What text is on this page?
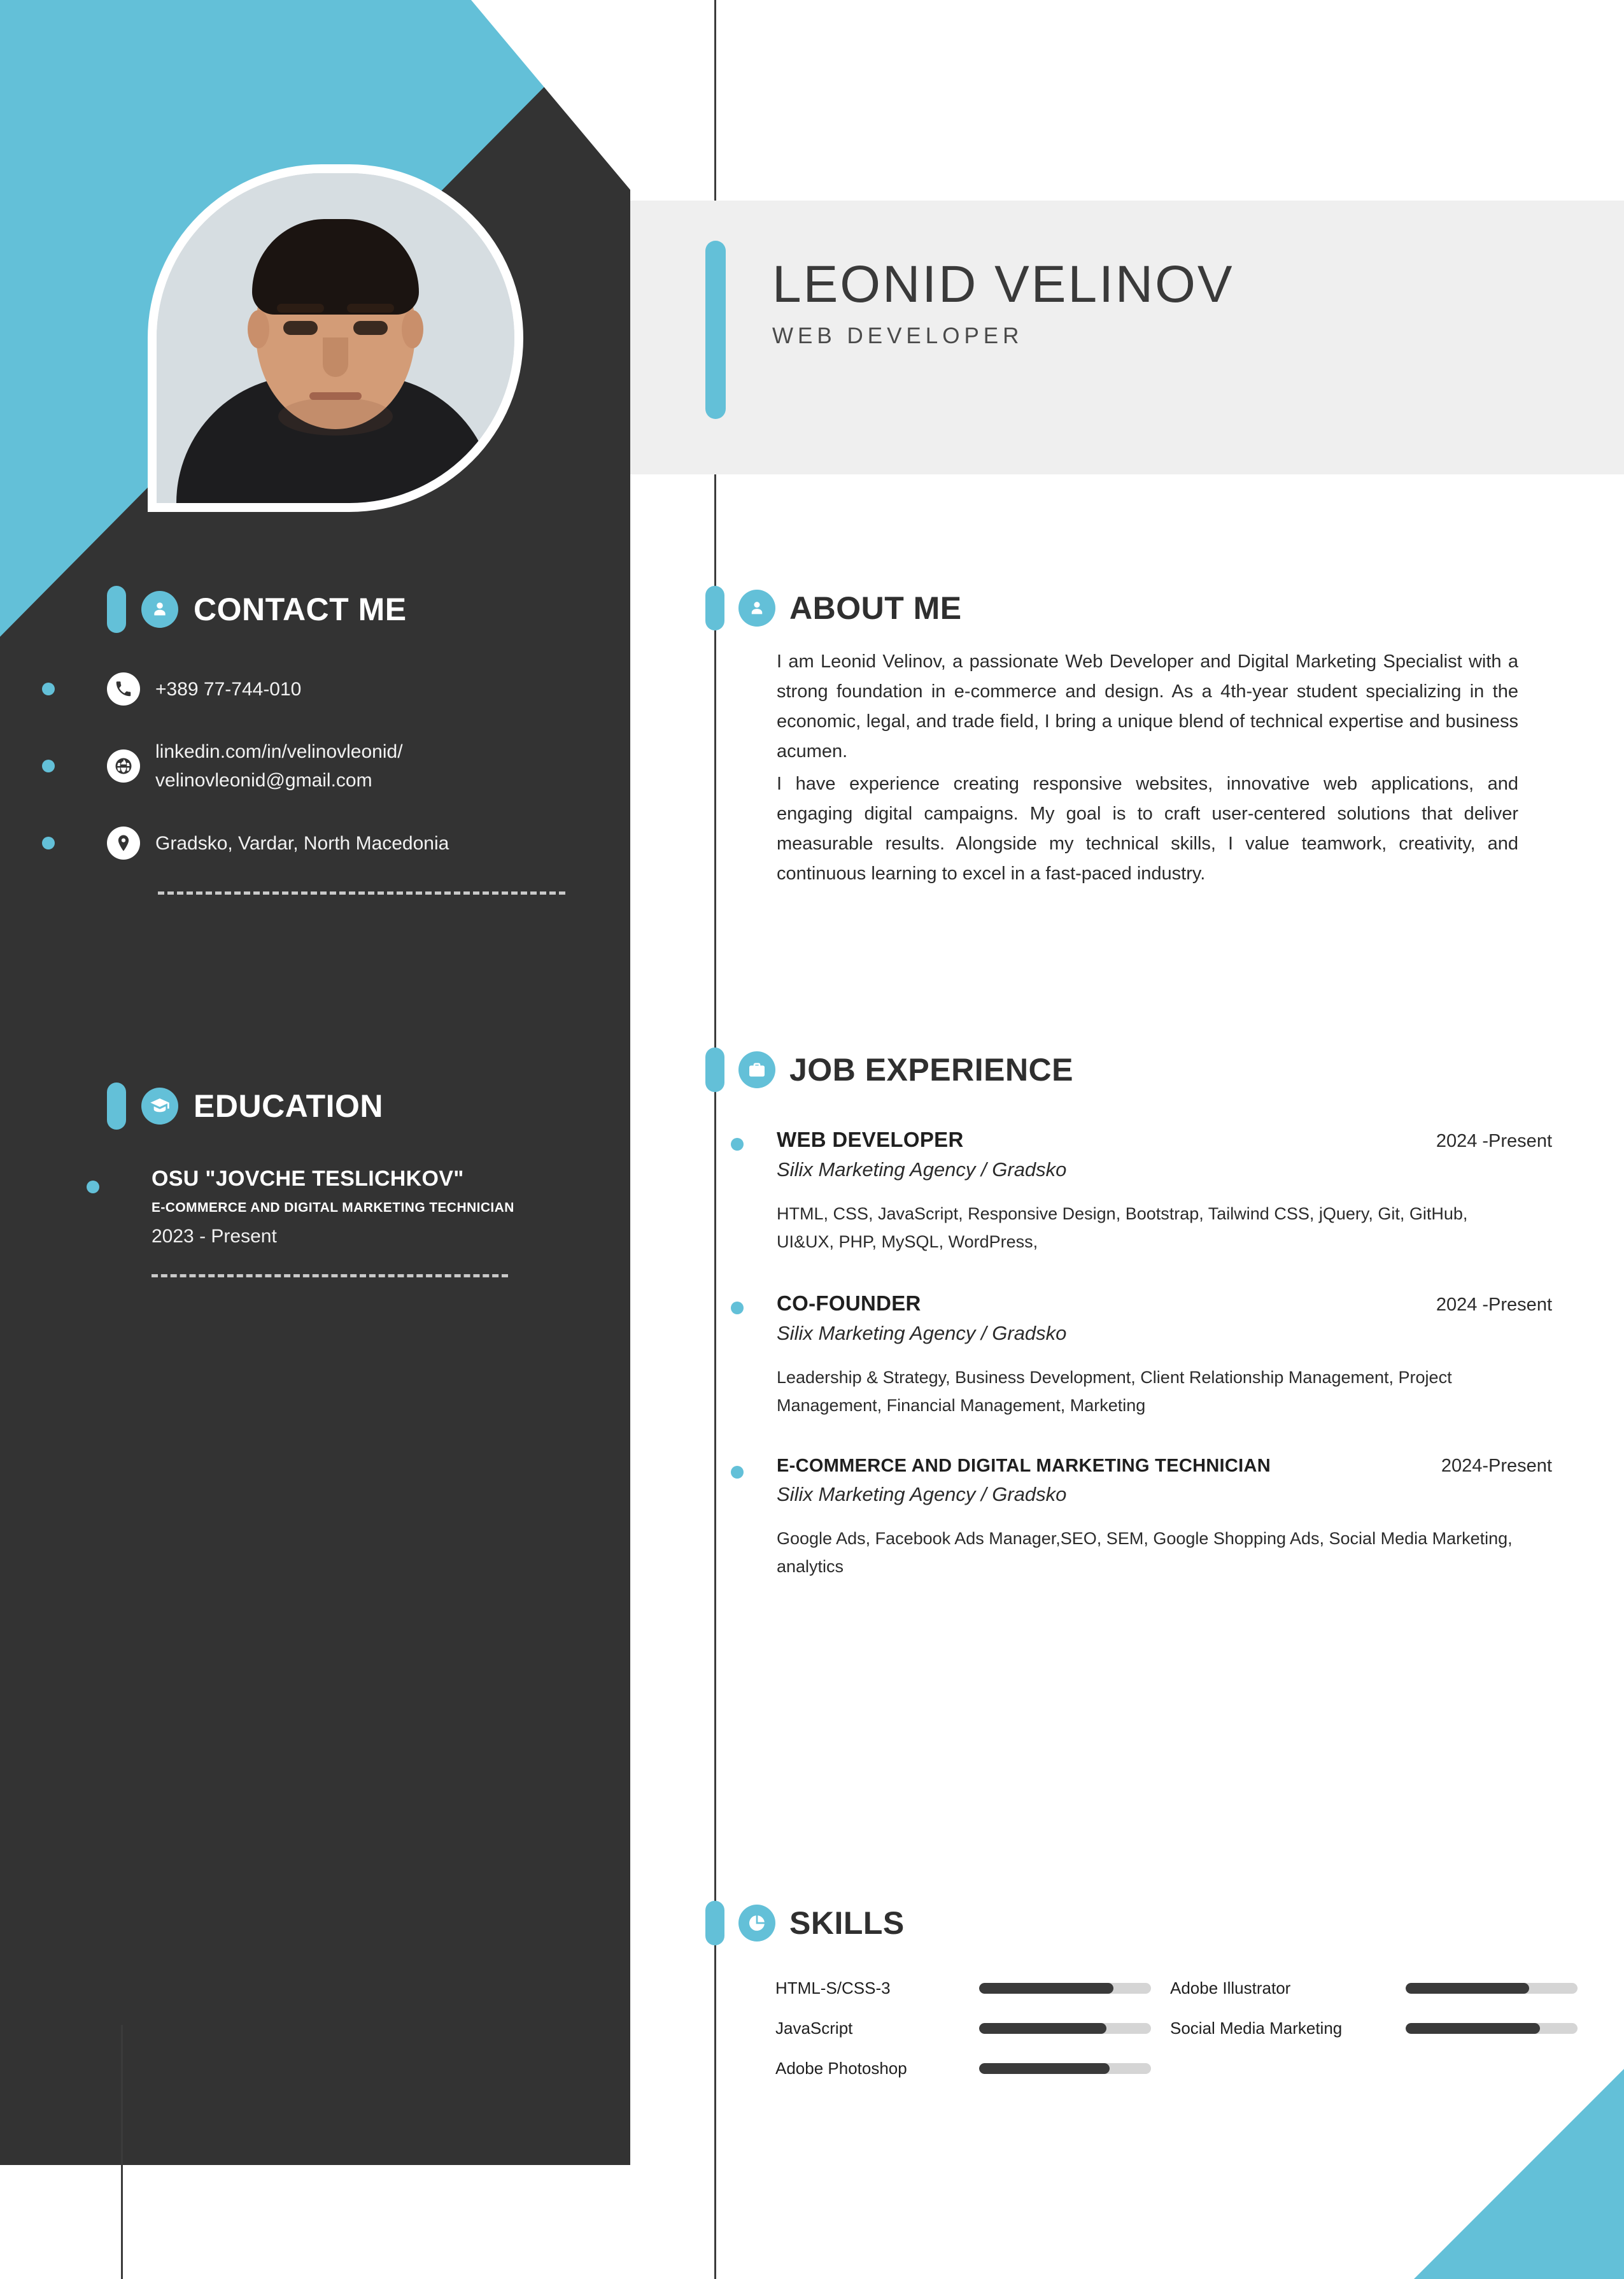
CONTACT ME
+389 77-744-010
linkedin.com/in/velinovleonid/
velinovleonid@gmail.com
Gradsko, Vardar, North Macedonia
EDUCATION
OSU "JOVCHE TESLICHKOV"
E-COMMERCE AND DIGITAL MARKETING TECHNICIAN
2023 - Present
LEONID VELINOV
WEB DEVELOPER
ABOUT ME

I am Leonid Velinov, a passionate Web Developer and Digital Marketing Specialist with a strong foundation in e-commerce and design. As a 4th-year student specializing in the economic, legal, and trade field, I bring a unique blend of technical expertise and business acumen.

I have experience creating responsive websites, innovative web applications, and engaging digital campaigns. My goal is to craft user-centered solutions that deliver measurable results. Alongside my technical skills, I value teamwork, creativity, and continuous learning to excel in a fast-paced industry.

JOB EXPERIENCE
WEB DEVELOPER	2024 -Present
Silix Marketing Agency / Gradsko
HTML, CSS, JavaScript, Responsive Design, Bootstrap, Tailwind CSS, jQuery, Git, GitHub, UI&UX, PHP, MySQL, WordPress,
CO-FOUNDER	2024 -Present
Silix Marketing Agency / Gradsko
Leadership & Strategy, Business Development, Client Relationship Management, Project Management, Financial Management, Marketing
E-COMMERCE AND DIGITAL MARKETING TECHNICIAN	2024-Present
Silix Marketing Agency / Gradsko
Google Ads, Facebook Ads Manager,SEO, SEM, Google Shopping Ads, Social Media Marketing, analytics
SKILLS
HTML-S/CSS-3	Adobe Illustrator
JavaScript	Social Media Marketing
Adobe Photoshop
